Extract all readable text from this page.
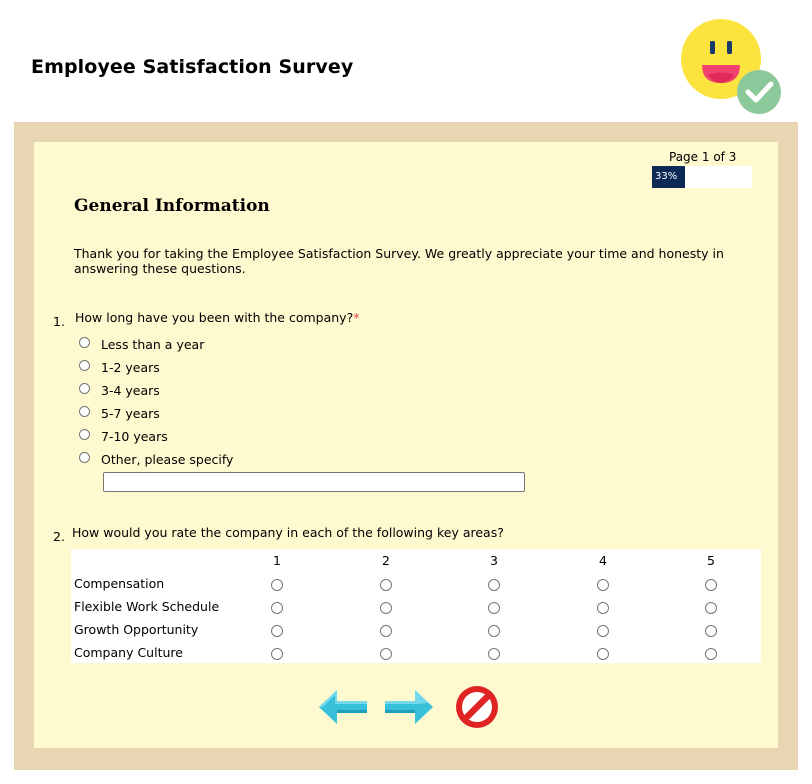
Employee Satisfaction Survey
Page 1 of 3
33%
General Information

Thank you for taking the Employee Satisfaction Survey. We greatly appreciate your time and honesty in answering these questions.

1. How long have you been with the company?*
Less than a year
1-2 years
3-4 years
5-7 years
7-10 years
Other, please specify
2. How would you rate the company in each of the following key areas?
1	2	3	4	5
Compensation
Flexible Work Schedule
Growth Opportunity
Company Culture
